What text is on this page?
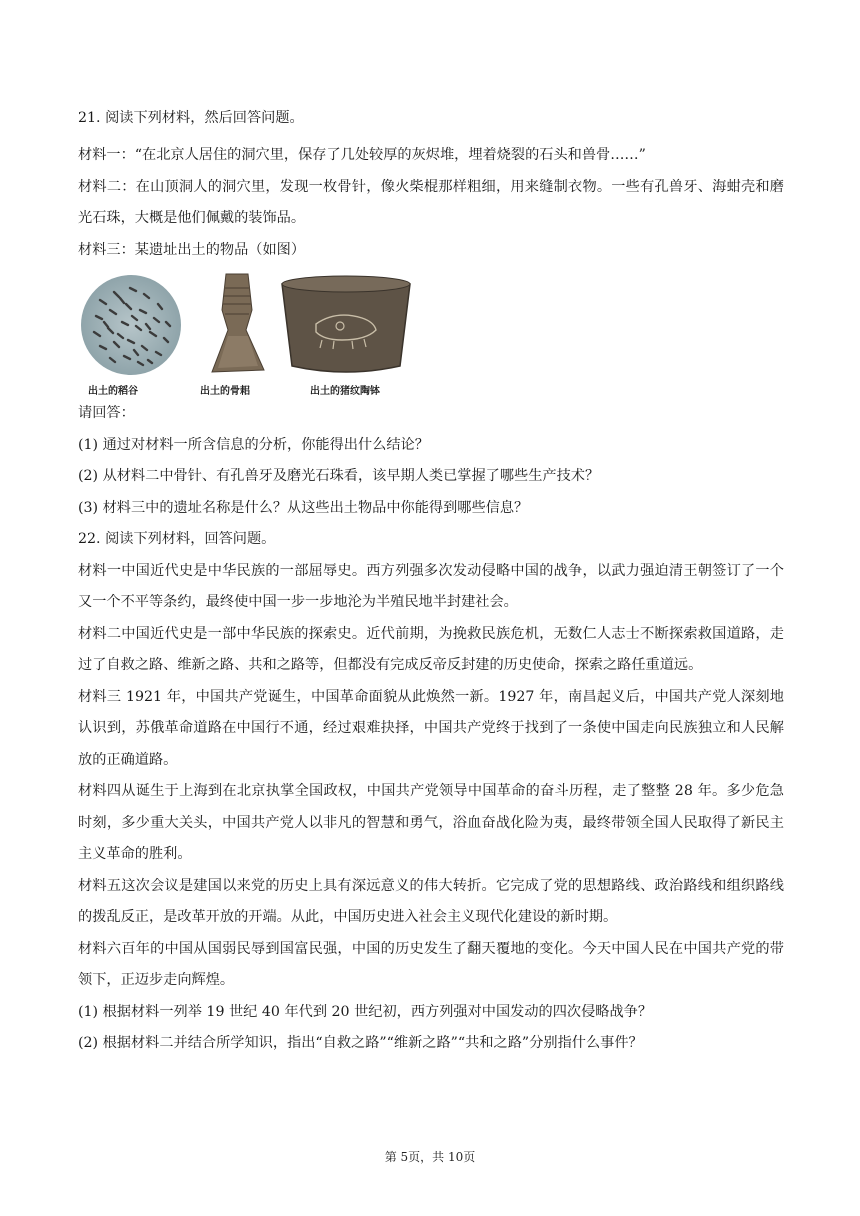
21. 阅读下列材料，然后回答问题。

材料一：“在北京人居住的洞穴里，保存了几处较厚的灰烬堆，埋着烧裂的石头和兽骨……”

材料二：在山顶洞人的洞穴里，发现一枚骨针，像火柴棍那样粗细，用来缝制衣物。一些有孔兽牙、海蚶壳和磨光石珠，大概是他们佩戴的装饰品。

材料三：某遗址出土的物品（如图）

出土的稻谷	出土的骨耜	出土的猪纹陶钵

请回答：

(1) 通过对材料一所含信息的分析，你能得出什么结论？

(2) 从材料二中骨针、有孔兽牙及磨光石珠看，该早期人类已掌握了哪些生产技术？

(3) 材料三中的遗址名称是什么？从这些出土物品中你能得到哪些信息？

22. 阅读下列材料，回答问题。

材料一中国近代史是中华民族的一部屈辱史。西方列强多次发动侵略中国的战争，以武力强迫清王朝签订了一个又一个不平等条约，最终使中国一步一步地沦为半殖民地半封建社会。

材料二中国近代史是一部中华民族的探索史。近代前期，为挽救民族危机，无数仁人志士不断探索救国道路，走过了自救之路、维新之路、共和之路等，但都没有完成反帝反封建的历史使命，探索之路任重道远。

材料三 1921 年，中国共产党诞生，中国革命面貌从此焕然一新。1927 年，南昌起义后，中国共产党人深刻地认识到，苏俄革命道路在中国行不通，经过艰难抉择，中国共产党终于找到了一条使中国走向民族独立和人民解放的正确道路。

材料四从诞生于上海到在北京执掌全国政权，中国共产党领导中国革命的奋斗历程，走了整整 28 年。多少危急时刻，多少重大关头，中国共产党人以非凡的智慧和勇气，浴血奋战化险为夷，最终带领全国人民取得了新民主主义革命的胜利。

材料五这次会议是建国以来党的历史上具有深远意义的伟大转折。它完成了党的思想路线、政治路线和组织路线的拨乱反正，是改革开放的开端。从此，中国历史进入社会主义现代化建设的新时期。

材料六百年的中国从国弱民辱到国富民强，中国的历史发生了翻天覆地的变化。今天中国人民在中国共产党的带领下，正迈步走向辉煌。

(1) 根据材料一列举 19 世纪 40 年代到 20 世纪初，西方列强对中国发动的四次侵略战争？

(2) 根据材料二并结合所学知识，指出“自救之路”“维新之路”“共和之路”分别指什么事件？

第 5页，共 10页
